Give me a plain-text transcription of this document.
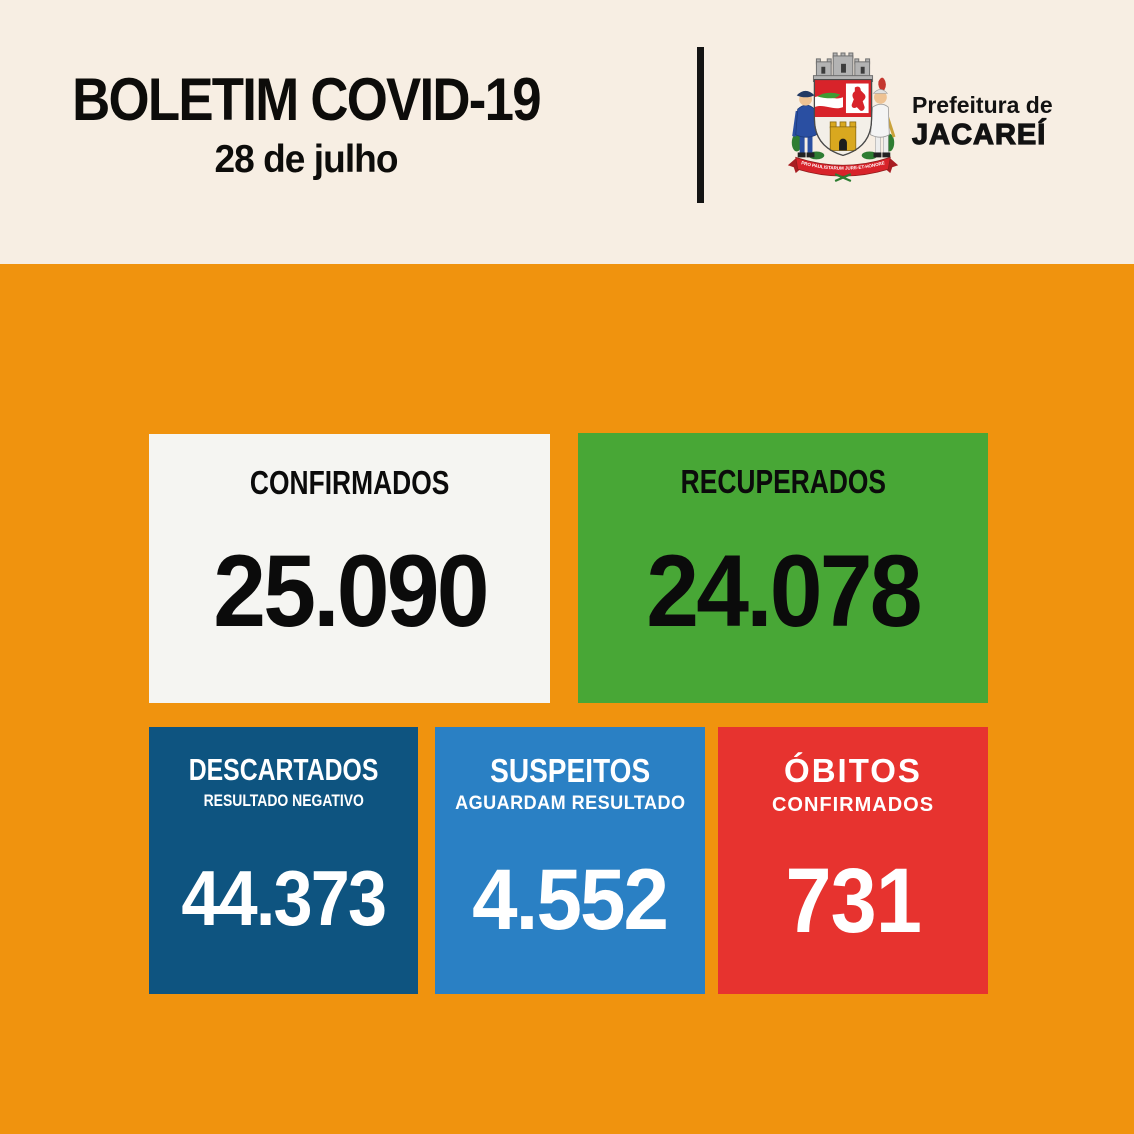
BOLETIM COVID-19
28 de julho	PRO PAULISTARUM JURE-ET-HONORE
Prefeitura de
JACAREÍ
CONFIRMADOS
25.090
RECUPERADOS
24.078
DESCARTADOS
RESULTADO NEGATIVO
44.373
SUSPEITOS
AGUARDAM RESULTADO
4.552
ÓBITOS
CONFIRMADOS
731
